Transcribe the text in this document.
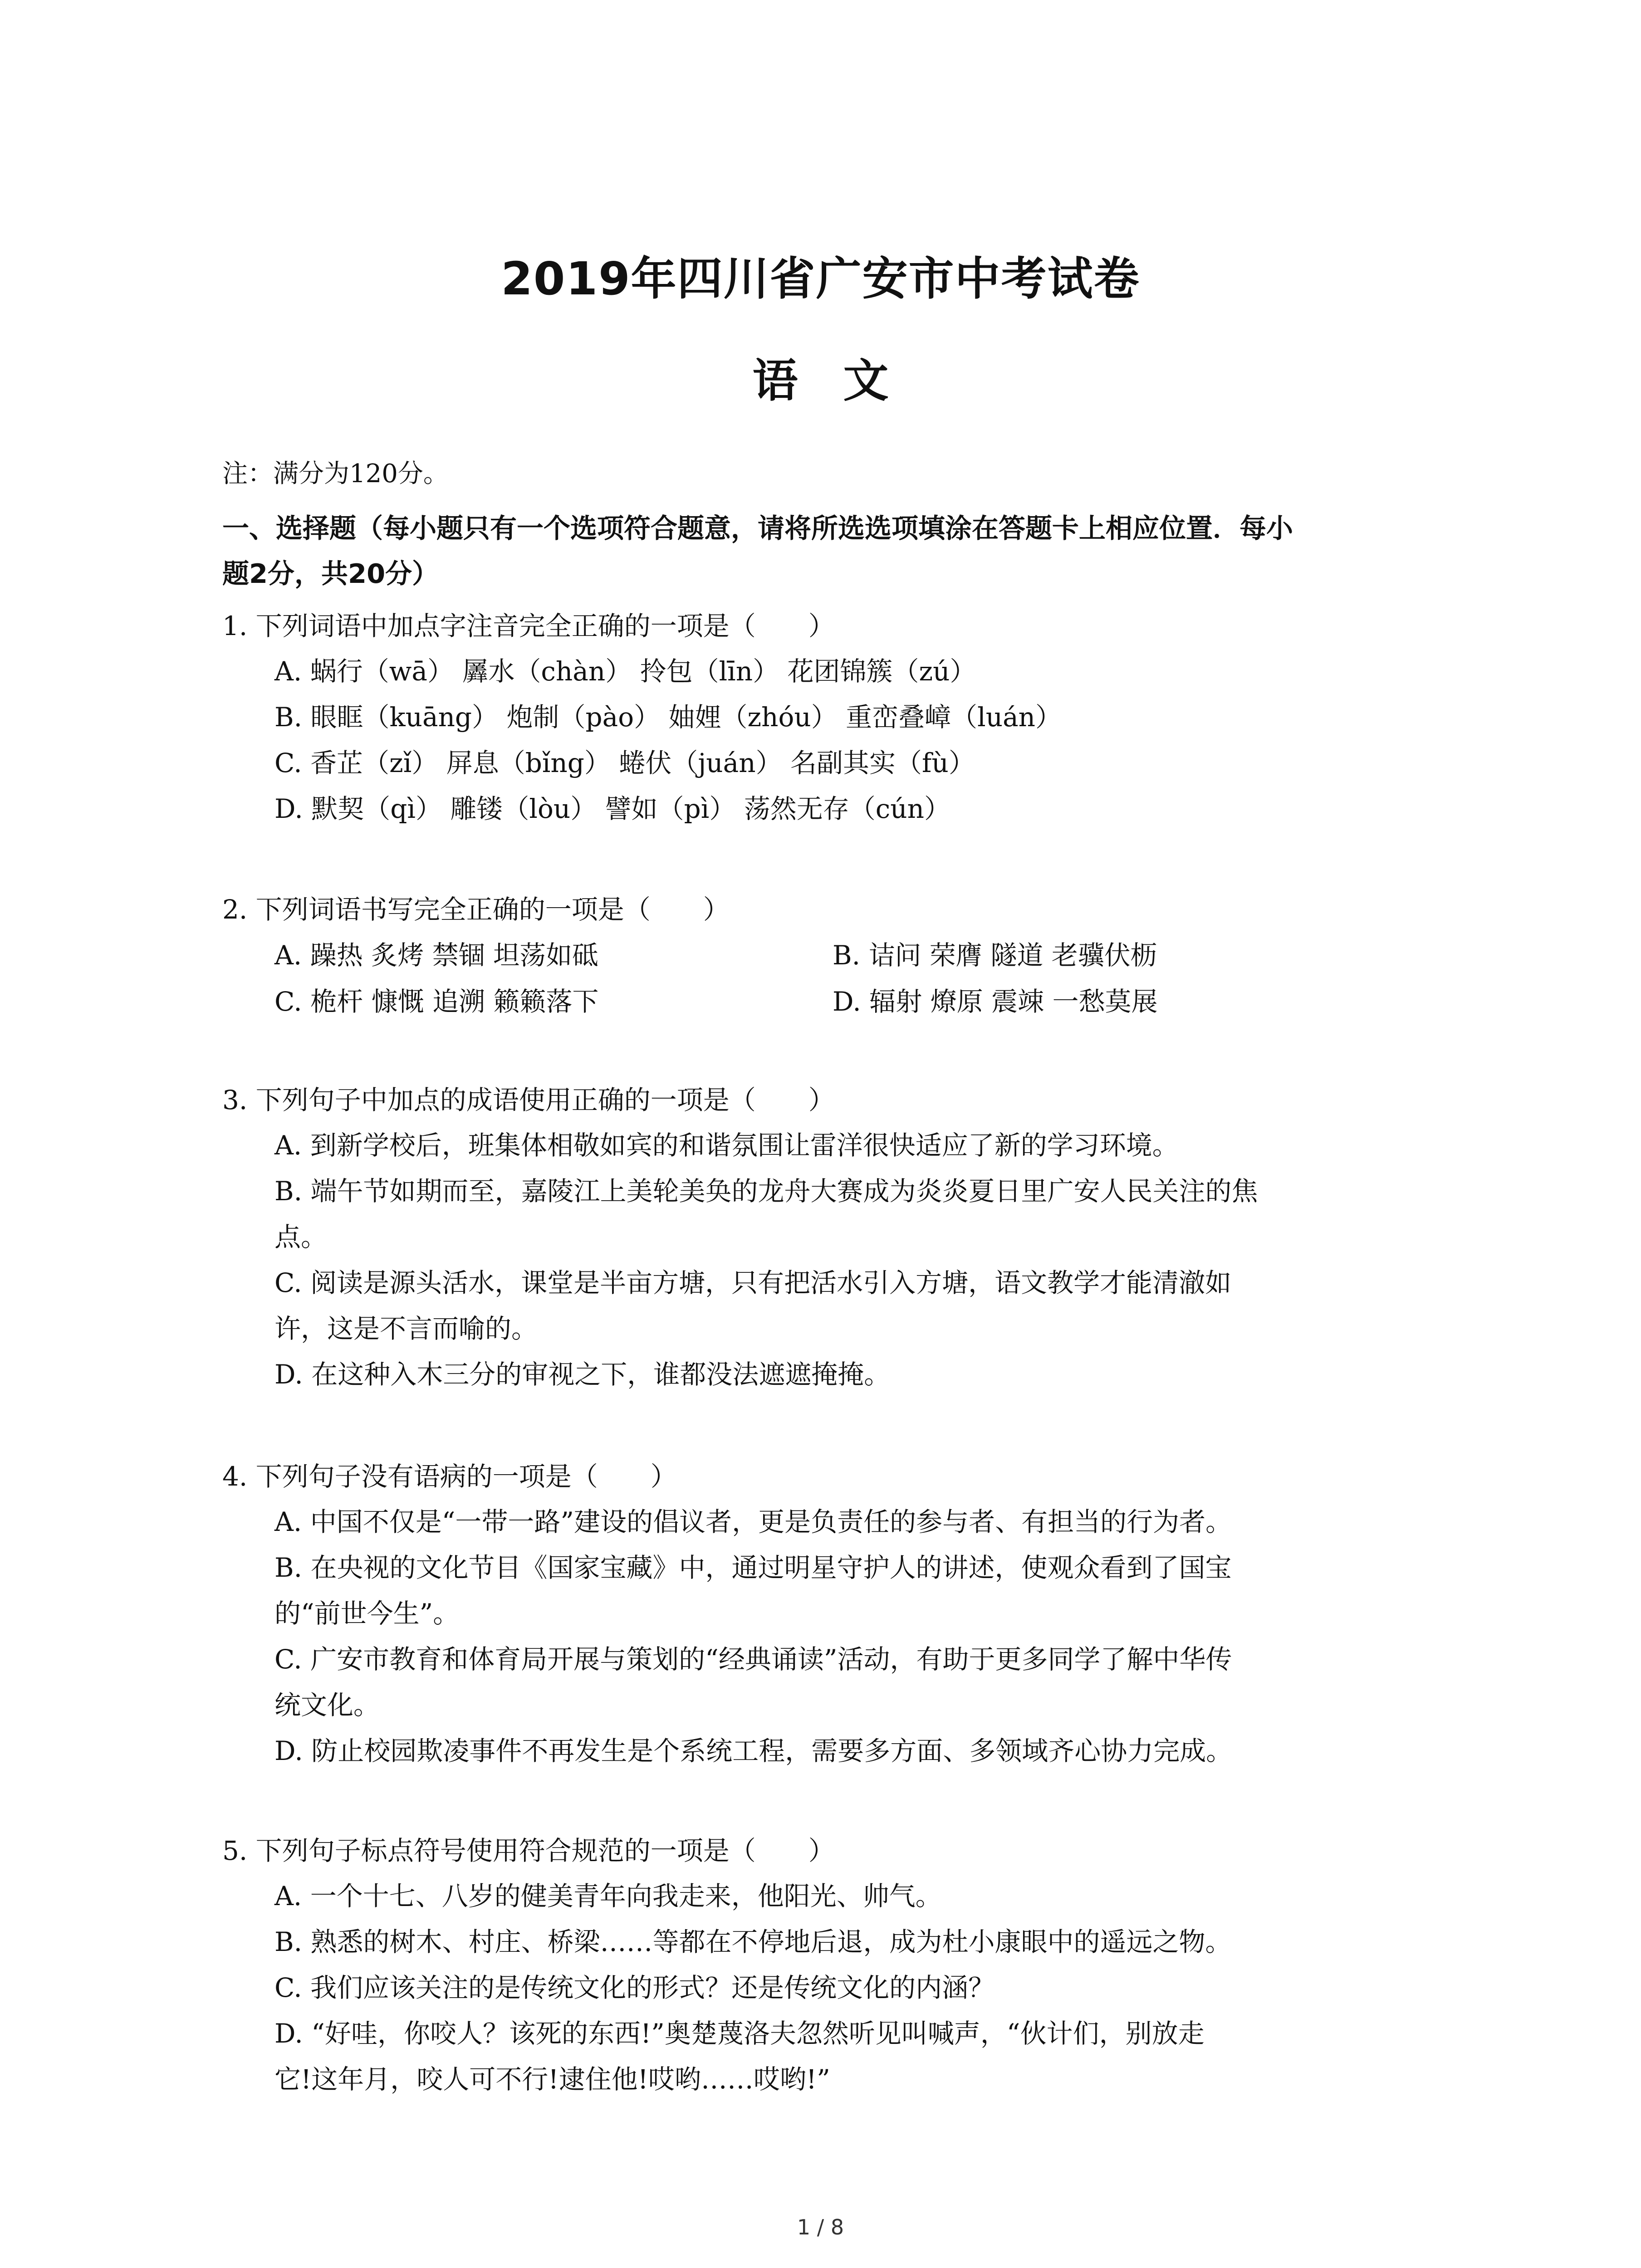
2019年四川省广安市中考试卷
语　文
注：满分为120分。
一、选择题（每小题只有一个选项符合题意，请将所选选项填涂在答题卡上相应位置．每小
题2分，共20分）
1. 下列词语中加点字注音完全正确的一项是（　　）
A. 蜗行（wā） 羼水（chàn） 拎包（līn） 花团锦簇（zú）
B. 眼眶（kuāng） 炮制（pào） 妯娌（zhóu） 重峦叠嶂（luán）
C. 香芷（zǐ） 屏息（bǐng） 蜷伏（juán） 名副其实（fù）
D. 默契（qì） 雕镂（lòu） 譬如（pì） 荡然无存（cún）
2. 下列词语书写完全正确的一项是（　　）
A. 躁热 炙烤 禁锢 坦荡如砥	B. 诘问 荣膺 隧道 老骥伏枥
C. 桅杆 慷慨 追溯 籁籁落下	D. 辐射 燎原 震竦 一愁莫展
3. 下列句子中加点的成语使用正确的一项是（　　）
A. 到新学校后，班集体相敬如宾的和谐氛围让雷洋很快适应了新的学习环境。
B. 端午节如期而至，嘉陵江上美轮美奂的龙舟大赛成为炎炎夏日里广安人民关注的焦
点。
C. 阅读是源头活水，课堂是半亩方塘，只有把活水引入方塘，语文教学才能清澈如
许，这是不言而喻的。
D. 在这种入木三分的审视之下，谁都没法遮遮掩掩。
4. 下列句子没有语病的一项是（　　）
A. 中国不仅是“一带一路”建设的倡议者，更是负责任的参与者、有担当的行为者。
B. 在央视的文化节目《国家宝藏》中，通过明星守护人的讲述，使观众看到了国宝
的“前世今生”。
C. 广安市教育和体育局开展与策划的“经典诵读”活动，有助于更多同学了解中华传
统文化。
D. 防止校园欺凌事件不再发生是个系统工程，需要多方面、多领域齐心协力完成。
5. 下列句子标点符号使用符合规范的一项是（　　）
A. 一个十七、八岁的健美青年向我走来，他阳光、帅气。
B. 熟悉的树木、村庄、桥梁……等都在不停地后退，成为杜小康眼中的遥远之物。
C. 我们应该关注的是传统文化的形式？还是传统文化的内涵？
D. “好哇，你咬人？该死的东西!”奥楚蔑洛夫忽然听见叫喊声，“伙计们，别放走
它!这年月，咬人可不行!逮住他!哎哟……哎哟!”
1 / 8
